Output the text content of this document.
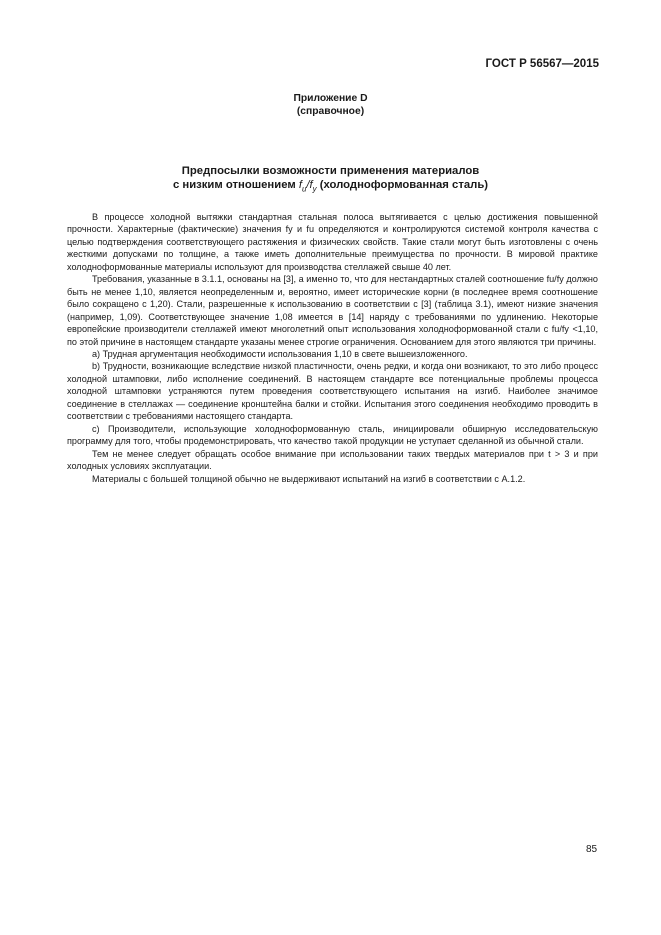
ГОСТ Р 56567—2015
Приложение D
(справочное)
Предпосылки возможности применения материалов
с низким отношением $f_u/f_y$ (холодноформованная сталь)

В процессе холодной вытяжки стандартная стальная полоса вытягивается с целью достижения повышенной прочности. Характерные (фактические) значения fy и fu определяются и контролируются системой контроля качества с целью подтверждения соответствующего растяжения и физических свойств. Такие стали могут быть изготовлены с очень жесткими допусками по толщине, а также иметь дополнительные преимущества по прочности. В мировой практике холодноформованные материалы используют для производства стеллажей свыше 40 лет.

Требования, указанные в 3.1.1, основаны на [3], а именно то, что для нестандартных сталей соотношение fu/fy должно быть не менее 1,10, является неопределенным и, вероятно, имеет исторические корни (в последнее время соотношение было сокращено с 1,20). Стали, разрешенные к использованию в соответствии с [3] (таблица 3.1), имеют низкие значения (например, 1,09). Соответствующее значение 1,08 имеется в [14] наряду с требованиями по удлинению. Некоторые европейские производители стеллажей имеют многолетний опыт использования холодноформованной стали с fu/fy <1,10, по этой причине в настоящем стандарте указаны менее строгие ограничения. Основанием для этого являются три причины.

a) Трудная аргументация необходимости использования 1,10 в свете вышеизложенного.

b) Трудности, возникающие вследствие низкой пластичности, очень редки, и когда они возникают, то это либо процесс холодной штамповки, либо исполнение соединений. В настоящем стандарте все потенциальные проблемы процесса холодной штамповки устраняются путем проведения соответствующего испытания на изгиб. Наиболее значимое соединение в стеллажах — соединение кронштейна балки и стойки. Испытания этого соединения необходимо проводить в соответствии с требованиями настоящего стандарта.

c) Производители, использующие холодноформованную сталь, инициировали обширную исследовательскую программу для того, чтобы продемонстрировать, что качество такой продукции не уступает сделанной из обычной стали.

Тем не менее следует обращать особое внимание при использовании таких твердых материалов при t > 3 и при холодных условиях эксплуатации.

Материалы с большей толщиной обычно не выдерживают испытаний на изгиб в соответствии с А.1.2.

85
